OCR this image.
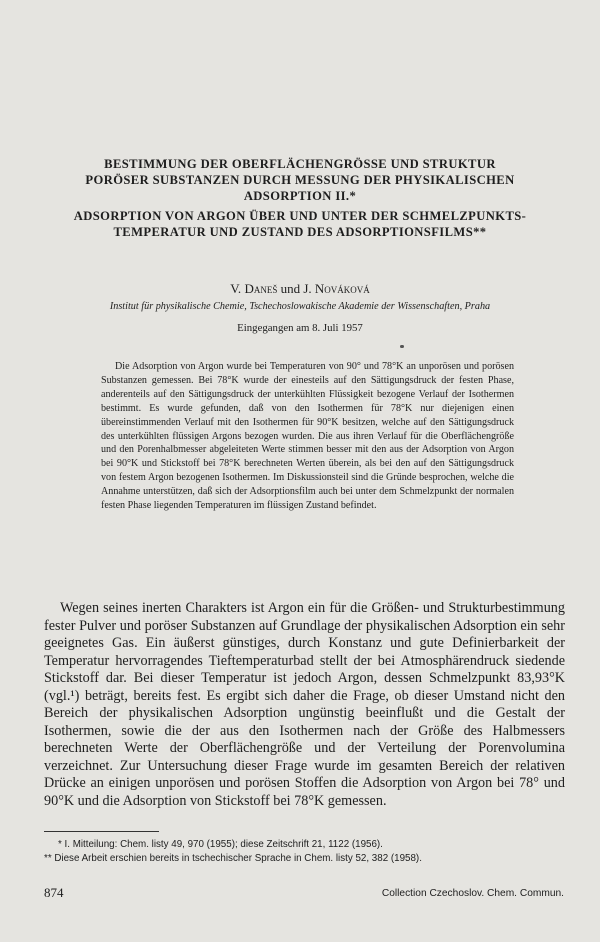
BESTIMMUNG DER OBERFLÄCHENGRÖSSE UND STRUKTUR

PORÖSER SUBSTANZEN DURCH MESSUNG DER PHYSIKALISCHEN

ADSORPTION II.*

ADSORPTION VON ARGON ÜBER UND UNTER DER SCHMELZPUNKTS-

TEMPERATUR UND ZUSTAND DES ADSORPTIONSFILMS**

V. Daneš und J. Nováková
Institut für physikalische Chemie, Tschechoslowakische Akademie der Wissenschaften, Praha
Eingegangen am 8. Juli 1957

Die Adsorption von Argon wurde bei Temperaturen von 90° und 78°K an unporösen und porösen Substanzen gemessen. Bei 78°K wurde der einesteils auf den Sättigungsdruck der festen Phase, anderenteils auf den Sättigungsdruck der unterkühlten Flüssigkeit bezogene Verlauf der Isothermen bestimmt. Es wurde gefunden, daß von den Isothermen für 78°K nur diejenigen einen übereinstimmenden Verlauf mit den Isothermen für 90°K besitzen, welche auf den Sättigungsdruck des unterkühlten flüssigen Argons bezogen wurden. Die aus ihren Verlauf für die Oberflächengröße und den Porenhalbmesser abgeleiteten Werte stimmen besser mit den aus der Adsorption von Argon bei 90°K und Stickstoff bei 78°K berechneten Werten überein, als bei den auf den Sättigungsdruck von festem Argon bezogenen Isothermen. Im Diskussionsteil sind die Gründe besprochen, welche die Annahme unterstützen, daß sich der Adsorptionsfilm auch bei unter dem Schmelzpunkt der normalen festen Phase liegenden Temperaturen im flüssigen Zustand befindet.

Wegen seines inerten Charakters ist Argon ein für die Größen- und Strukturbestimmung fester Pulver und poröser Substanzen auf Grundlage der physikalischen Adsorption ein sehr geeignetes Gas. Ein äußerst günstiges, durch Konstanz und gute Definierbarkeit der Temperatur hervorragendes Tieftemperaturbad stellt der bei Atmosphärendruck siedende Stickstoff dar. Bei dieser Temperatur ist jedoch Argon, dessen Schmelzpunkt 83,93°K (vgl.¹) beträgt, bereits fest. Es ergibt sich daher die Frage, ob dieser Umstand nicht den Bereich der physikalischen Adsorption ungünstig beeinflußt und die Gestalt der Isothermen, sowie die der aus den Isothermen nach der Größe des Halbmessers berechneten Werte der Oberflächengröße und der Verteilung der Porenvolumina verzeichnet. Zur Untersuchung dieser Frage wurde im gesamten Bereich der relativen Drücke an einigen unporösen und porösen Stoffen die Adsorption von Argon bei 78° und 90°K und die Adsorption von Stickstoff bei 78°K gemessen.

* I. Mitteilung: Chem. listy 49, 970 (1955); diese Zeitschrift 21, 1122 (1956).
** Diese Arbeit erschien bereits in tschechischer Sprache in Chem. listy 52, 382 (1958).
874	Collection Czechoslov. Chem. Commun.
